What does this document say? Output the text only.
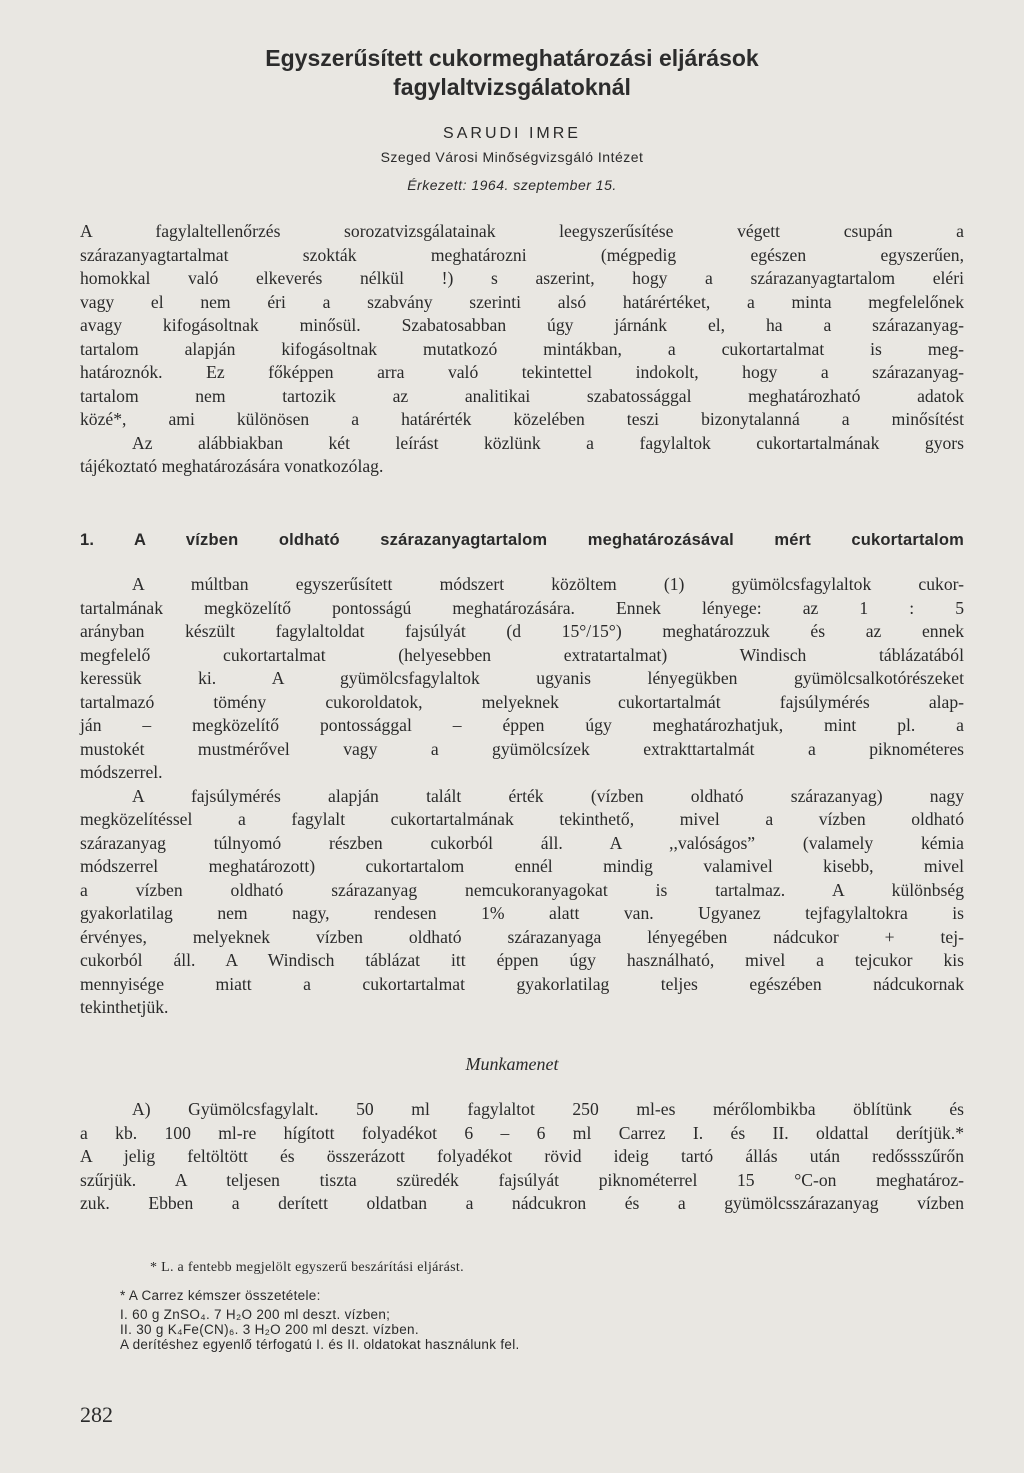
Egyszerűsített cukormeghatározási eljárások
fagylaltvizsgálatoknál
SARUDI IMRE
Szeged Városi Minőségvizsgáló Intézet
Érkezett: 1964. szeptember 15.
A fagylaltellenőrzés sorozatvizsgálatainak leegyszerűsítése végett csupán a
szárazanyagtartalmat szokták meghatározni (mégpedig egészen egyszerűen,
homokkal való elkeverés nélkül !) s aszerint, hogy a szárazanyagtartalom eléri
vagy el nem éri a szabvány szerinti alsó határértéket, a minta megfelelőnek
avagy kifogásoltnak minősül. Szabatosabban úgy járnánk el, ha a szárazanyag-
tartalom alapján kifogásoltnak mutatkozó mintákban, a cukortartalmat is meg-
határoznók. Ez főképpen arra való tekintettel indokolt, hogy a szárazanyag-
tartalom nem tartozik az analitikai szabatossággal meghatározható adatok
közé*, ami különösen a határérték közelében teszi bizonytalanná a minősítést
Az alábbiakban két leírást közlünk a fagylaltok cukortartalmának gyors
tájékoztató meghatározására vonatkozólag.
1. A vízben oldható szárazanyagtartalom meghatározásával mért cukortartalom
A múltban egyszerűsített módszert közöltem (1) gyümölcsfagylaltok cukor-
tartalmának megközelítő pontosságú meghatározására. Ennek lényege: az 1 : 5
arányban készült fagylaltoldat fajsúlyát (d 15°/15°) meghatározzuk és az ennek
megfelelő cukortartalmat (helyesebben extratartalmat) Windisch táblázatából
keressük ki. A gyümölcsfagylaltok ugyanis lényegükben gyümölcsalkotórészeket
tartalmazó tömény cukoroldatok, melyeknek cukortartalmát fajsúlymérés alap-
ján – megközelítő pontossággal – éppen úgy meghatározhatjuk, mint pl. a
mustokét mustmérővel vagy a gyümölcsízek extrakttartalmát a piknométeres
módszerrel.
A fajsúlymérés alapján talált érték (vízben oldható szárazanyag) nagy
megközelítéssel a fagylalt cukortartalmának tekinthető, mivel a vízben oldható
szárazanyag túlnyomó részben cukorból áll. A ,,valóságos” (valamely kémia
módszerrel meghatározott) cukortartalom ennél mindig valamivel kisebb, mivel
a vízben oldható szárazanyag nemcukoranyagokat is tartalmaz. A különbség
gyakorlatilag nem nagy, rendesen 1% alatt van. Ugyanez tejfagylaltokra is
érvényes, melyeknek vízben oldható szárazanyaga lényegében nádcukor + tej-
cukorból áll. A Windisch táblázat itt éppen úgy használható, mivel a tejcukor kis
mennyisége miatt a cukortartalmat gyakorlatilag teljes egészében nádcukornak
tekinthetjük.
Munkamenet
A) Gyümölcsfagylalt. 50 ml fagylaltot 250 ml-es mérőlombikba öblítünk és
a kb. 100 ml-re hígított folyadékot 6 – 6 ml Carrez I. és II. oldattal derítjük.*
A jelig feltöltött és összerázott folyadékot rövid ideig tartó állás után redőssszűrőn
szűrjük. A teljesen tiszta szüredék fajsúlyát piknométerrel 15 °C-on meghatároz-
zuk. Ebben a derített oldatban a nádcukron és a gyümölcsszárazanyag vízben
* L. a fentebb megjelölt egyszerű beszárítási eljárást.
* A Carrez kémszer összetétele:
I. 60 g ZnSO₄. 7 H₂O 200 ml deszt. vízben;
II. 30 g K₄Fe(CN)₆. 3 H₂O 200 ml deszt. vízben.
A derítéshez egyenlő térfogatú I. és II. oldatokat használunk fel.
282
